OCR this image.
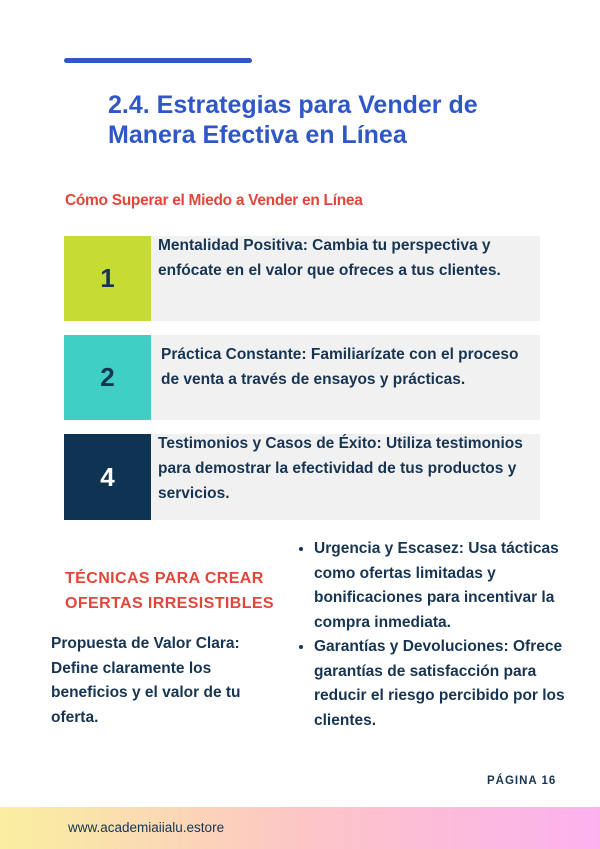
2.4. Estrategias para Vender de Manera Efectiva en Línea
Cómo Superar el Miedo a Vender en Línea
1
Mentalidad Positiva: Cambia tu perspectiva y enfócate en el valor que ofreces a tus clientes.
2
Práctica Constante: Familiarízate con el proceso de venta a través de ensayos y prácticas.
4
Testimonios y Casos de Éxito: Utiliza testimonios para demostrar la efectividad de tus productos y servicios.
TÉCNICAS PARA CREAR OFERTAS IRRESISTIBLES
Propuesta de Valor Clara: Define claramente los beneficios y el valor de tu oferta.
• Urgencia y Escasez: Usa tácticas como ofertas limitadas y bonificaciones para incentivar la compra inmediata.
• Garantías y Devoluciones: Ofrece garantías de satisfacción para reducir el riesgo percibido por los clientes.
PÁGINA 16
www.academiaiialu.estore
